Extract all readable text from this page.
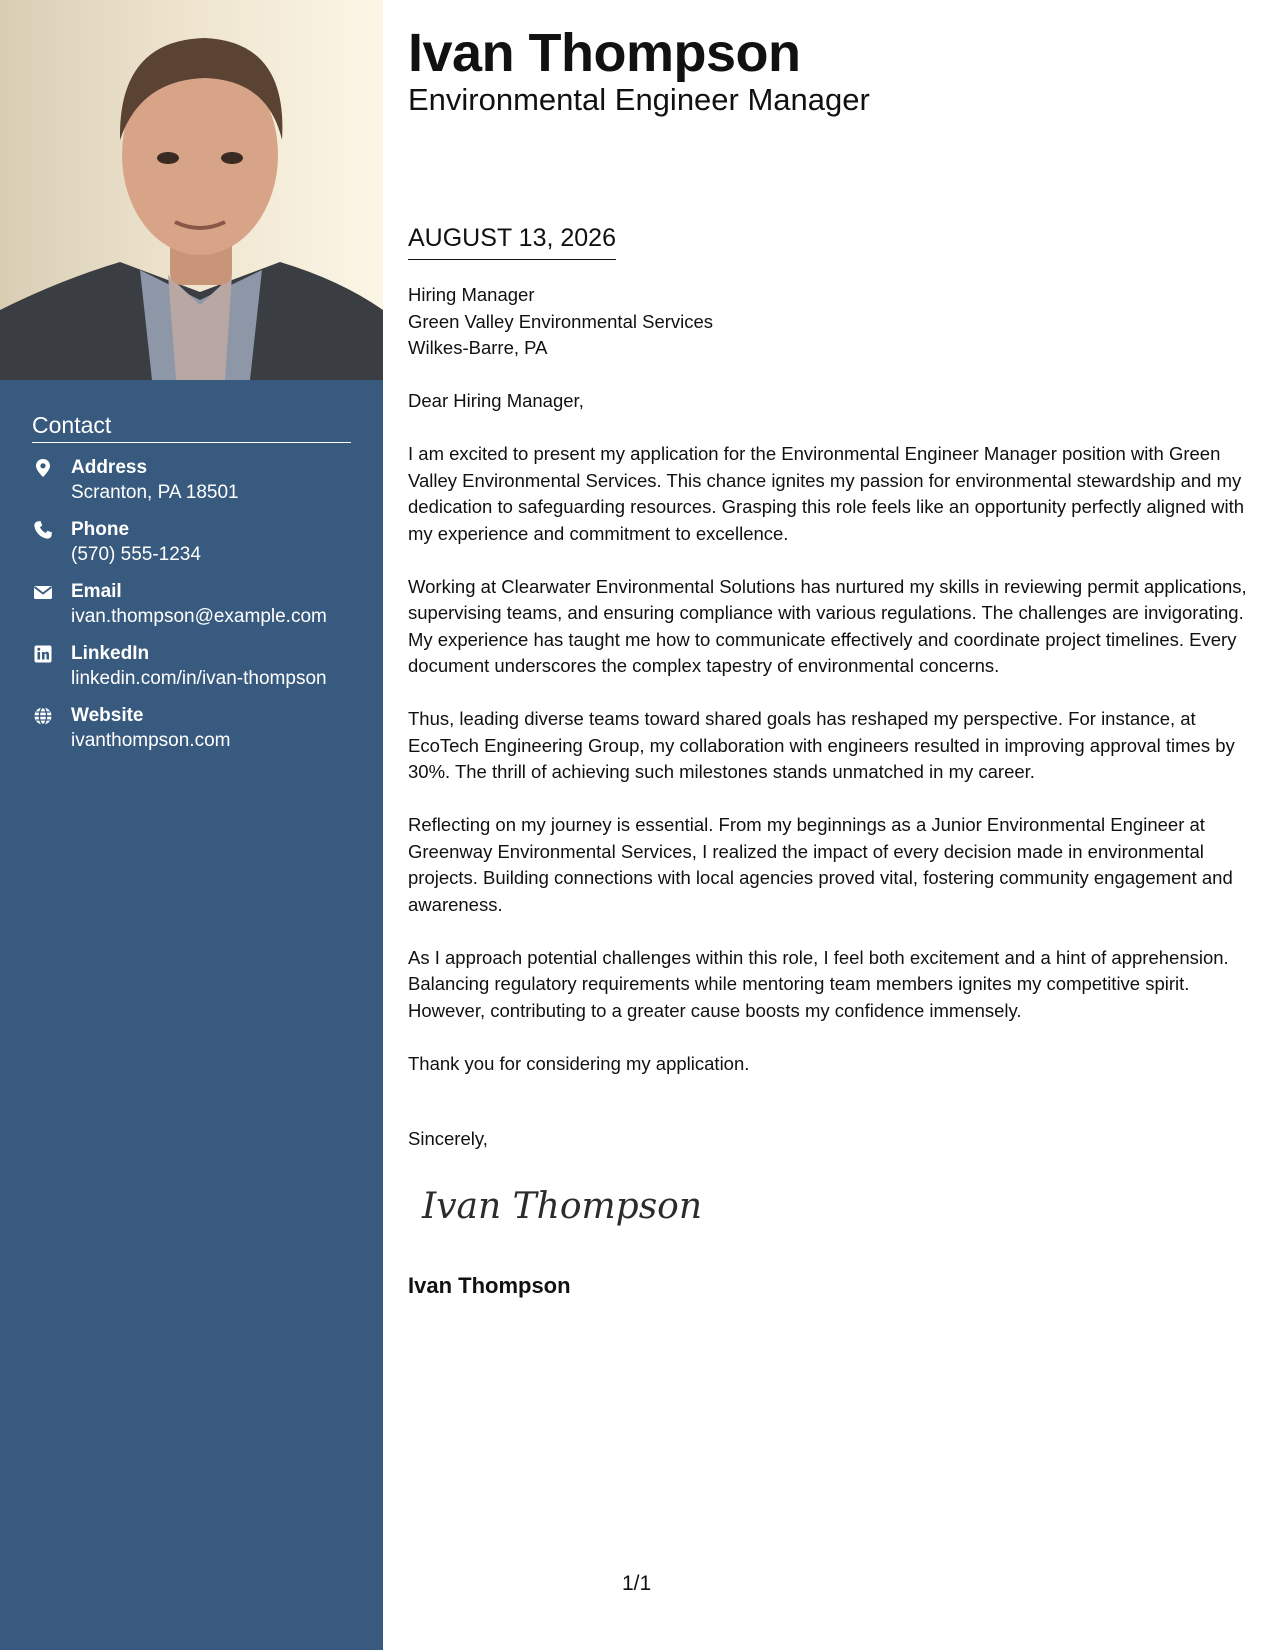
Contact
Address
Scranton, PA 18501
Phone
(570) 555-1234
Email
ivan.thompson@example.com
LinkedIn
linkedin.com/in/ivan-thompson
Website
ivanthompson.com
Ivan Thompson
Environmental Engineer Manager
AUGUST 13, 2026
Hiring Manager
Green Valley Environmental Services
Wilkes-Barre, PA

Dear Hiring Manager,

I am excited to present my application for the Environmental Engineer Manager position with Green Valley Environmental Services. This chance ignites my passion for environmental stewardship and my dedication to safeguarding resources. Grasping this role feels like an opportunity perfectly aligned with my experience and commitment to excellence.

Working at Clearwater Environmental Solutions has nurtured my skills in reviewing permit applications, supervising teams, and ensuring compliance with various regulations. The challenges are invigorating. My experience has taught me how to communicate effectively and coordinate project timelines. Every document underscores the complex tapestry of environmental concerns.

Thus, leading diverse teams toward shared goals has reshaped my perspective. For instance, at EcoTech Engineering Group, my collaboration with engineers resulted in improving approval times by 30%. The thrill of achieving such milestones stands unmatched in my career.

Reflecting on my journey is essential. From my beginnings as a Junior Environmental Engineer at Greenway Environmental Services, I realized the impact of every decision made in environmental projects. Building connections with local agencies proved vital, fostering community engagement and awareness.

As I approach potential challenges within this role, I feel both excitement and a hint of apprehension. Balancing regulatory requirements while mentoring team members ignites my competitive spirit. However, contributing to a greater cause boosts my confidence immensely.

Thank you for considering my application.

Sincerely,
Ivan Thompson
Ivan Thompson
1/1
